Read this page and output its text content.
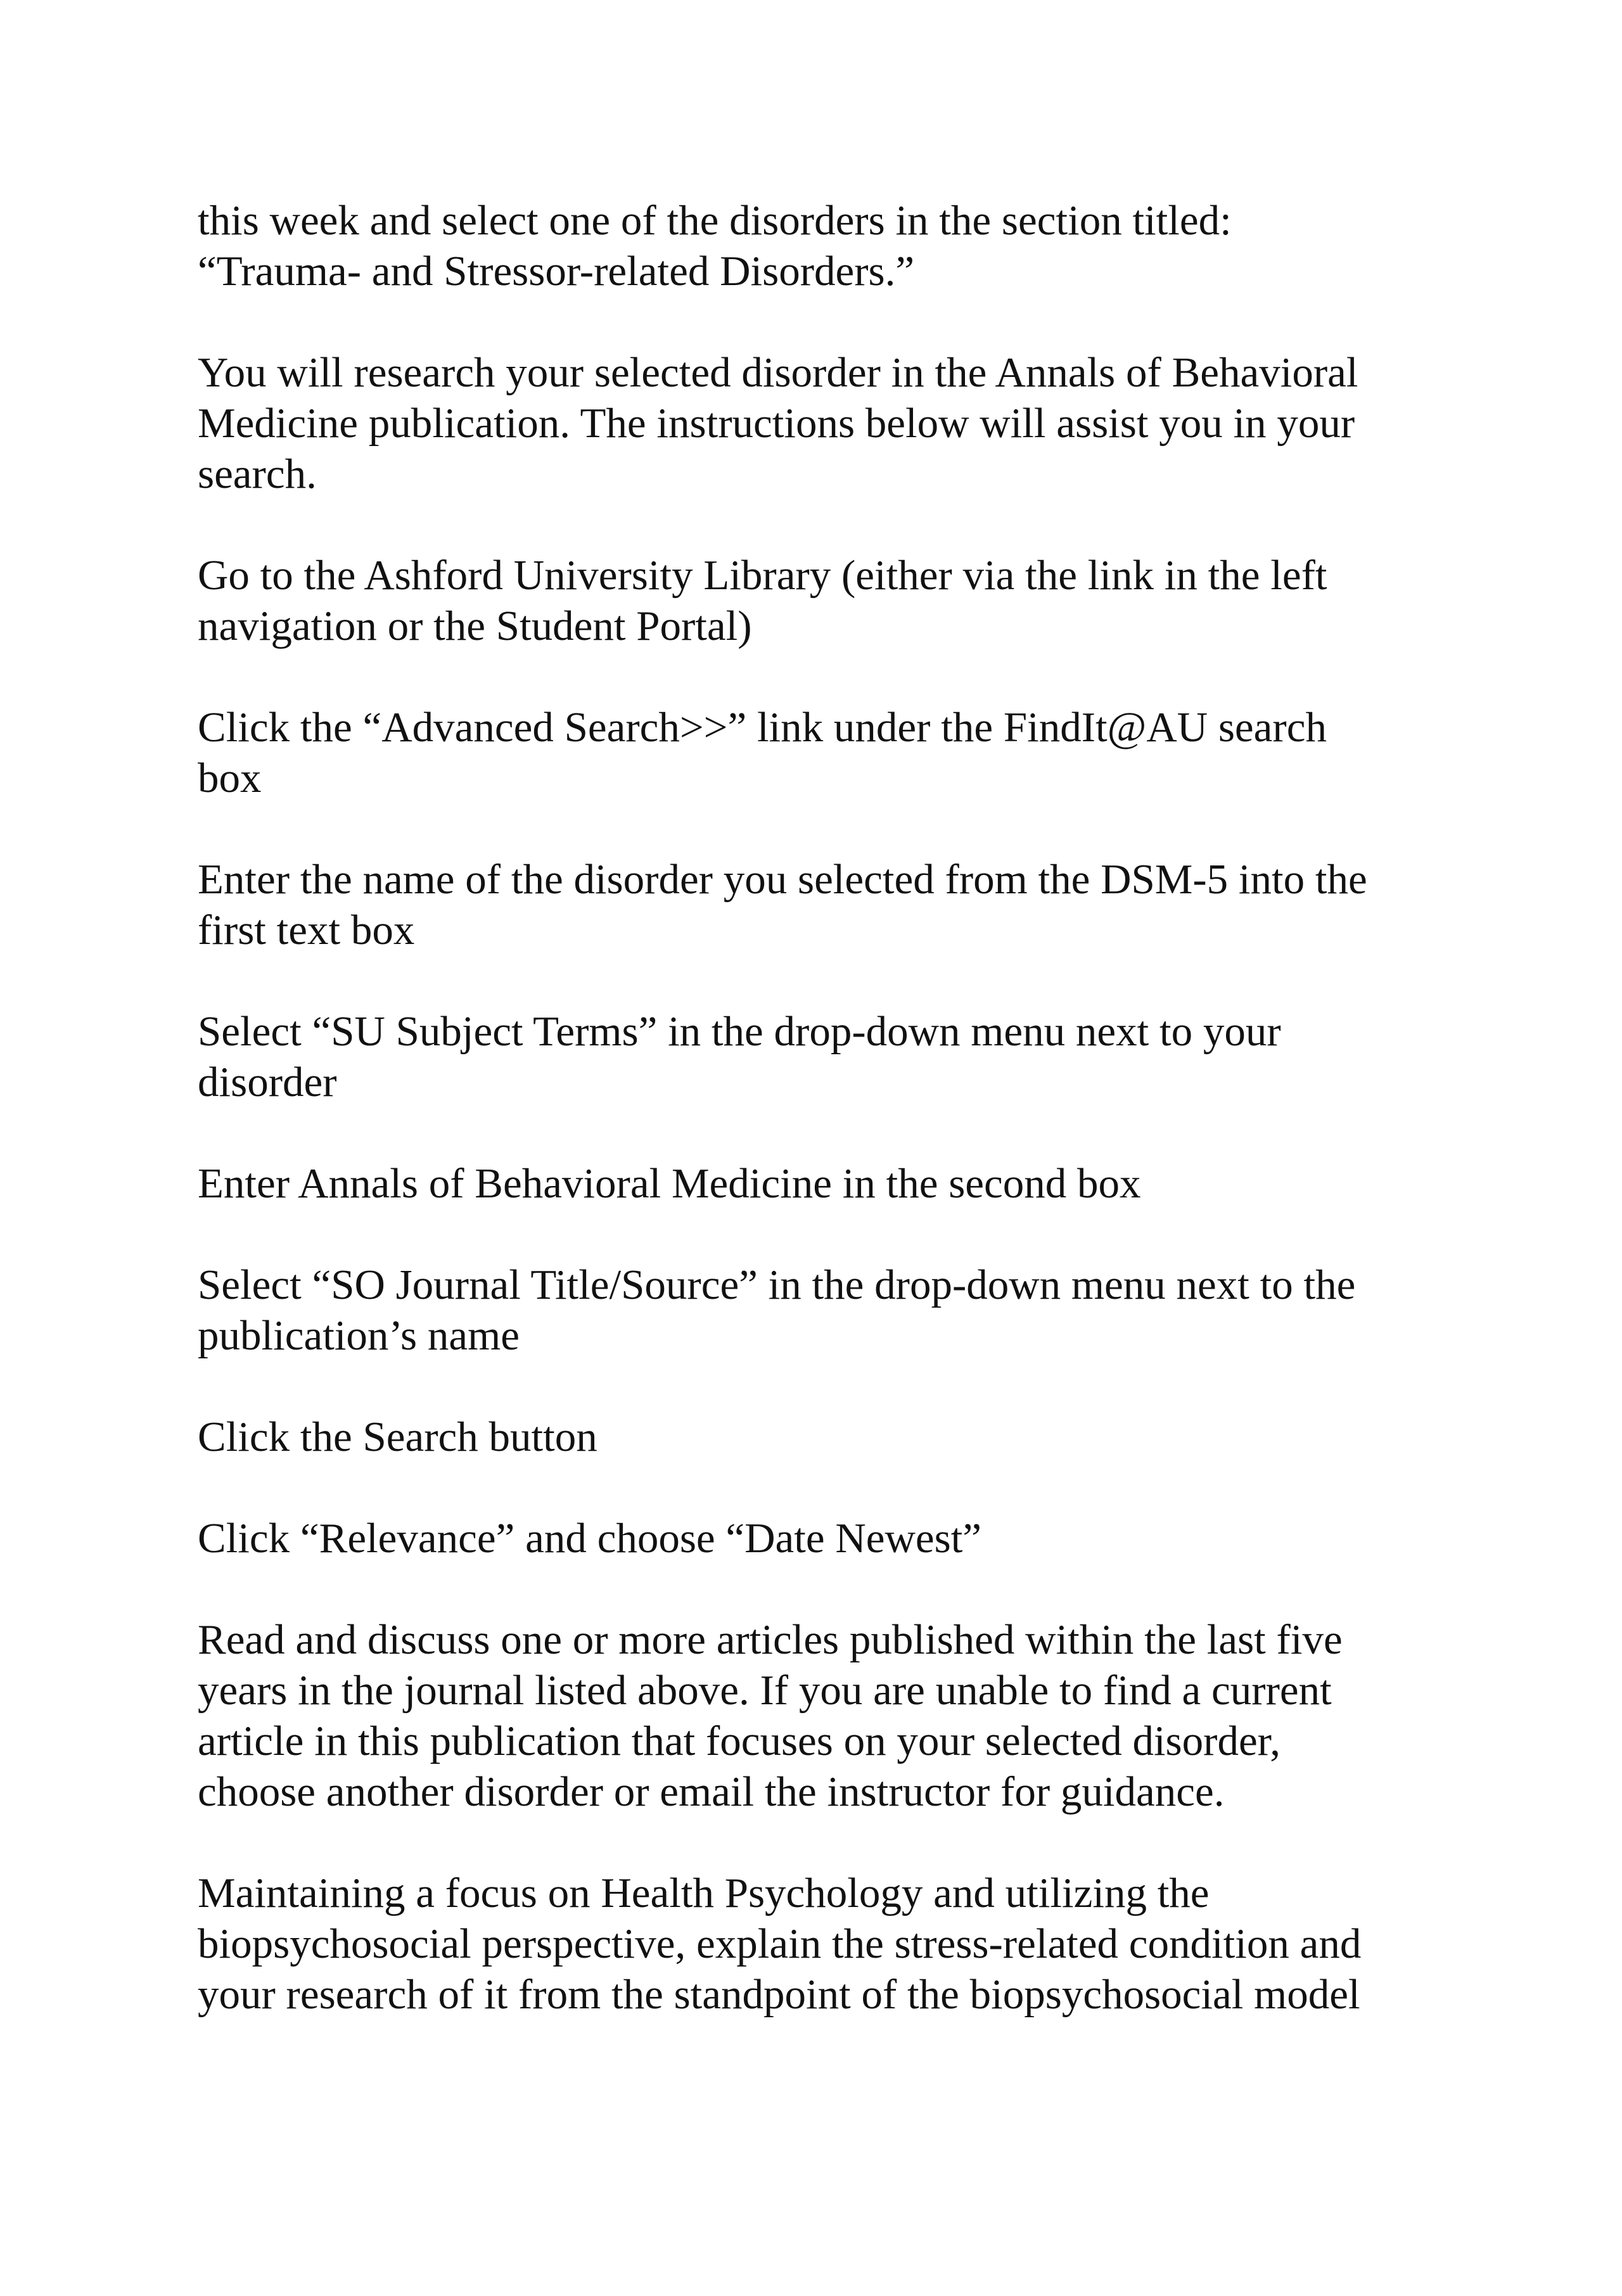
this week and select one of the disorders in the section titled:
“Trauma- and Stressor-related Disorders.”

You will research your selected disorder in the Annals of Behavioral
Medicine publication. The instructions below will assist you in your
search.

Go to the Ashford University Library (either via the link in the left
navigation or the Student Portal)

Click the “Advanced Search>>” link under the FindIt@AU search
box

Enter the name of the disorder you selected from the DSM-5 into the
first text box

Select “SU Subject Terms” in the drop-down menu next to your
disorder

Enter Annals of Behavioral Medicine in the second box

Select “SO Journal Title/Source” in the drop-down menu next to the
publication’s name

Click the Search button

Click “Relevance” and choose “Date Newest”

Read and discuss one or more articles published within the last five
years in the journal listed above. If you are unable to find a current
article in this publication that focuses on your selected disorder,
choose another disorder or email the instructor for guidance.

Maintaining a focus on Health Psychology and utilizing the
biopsychosocial perspective, explain the stress-related condition and
your research of it from the standpoint of the biopsychosocial model
